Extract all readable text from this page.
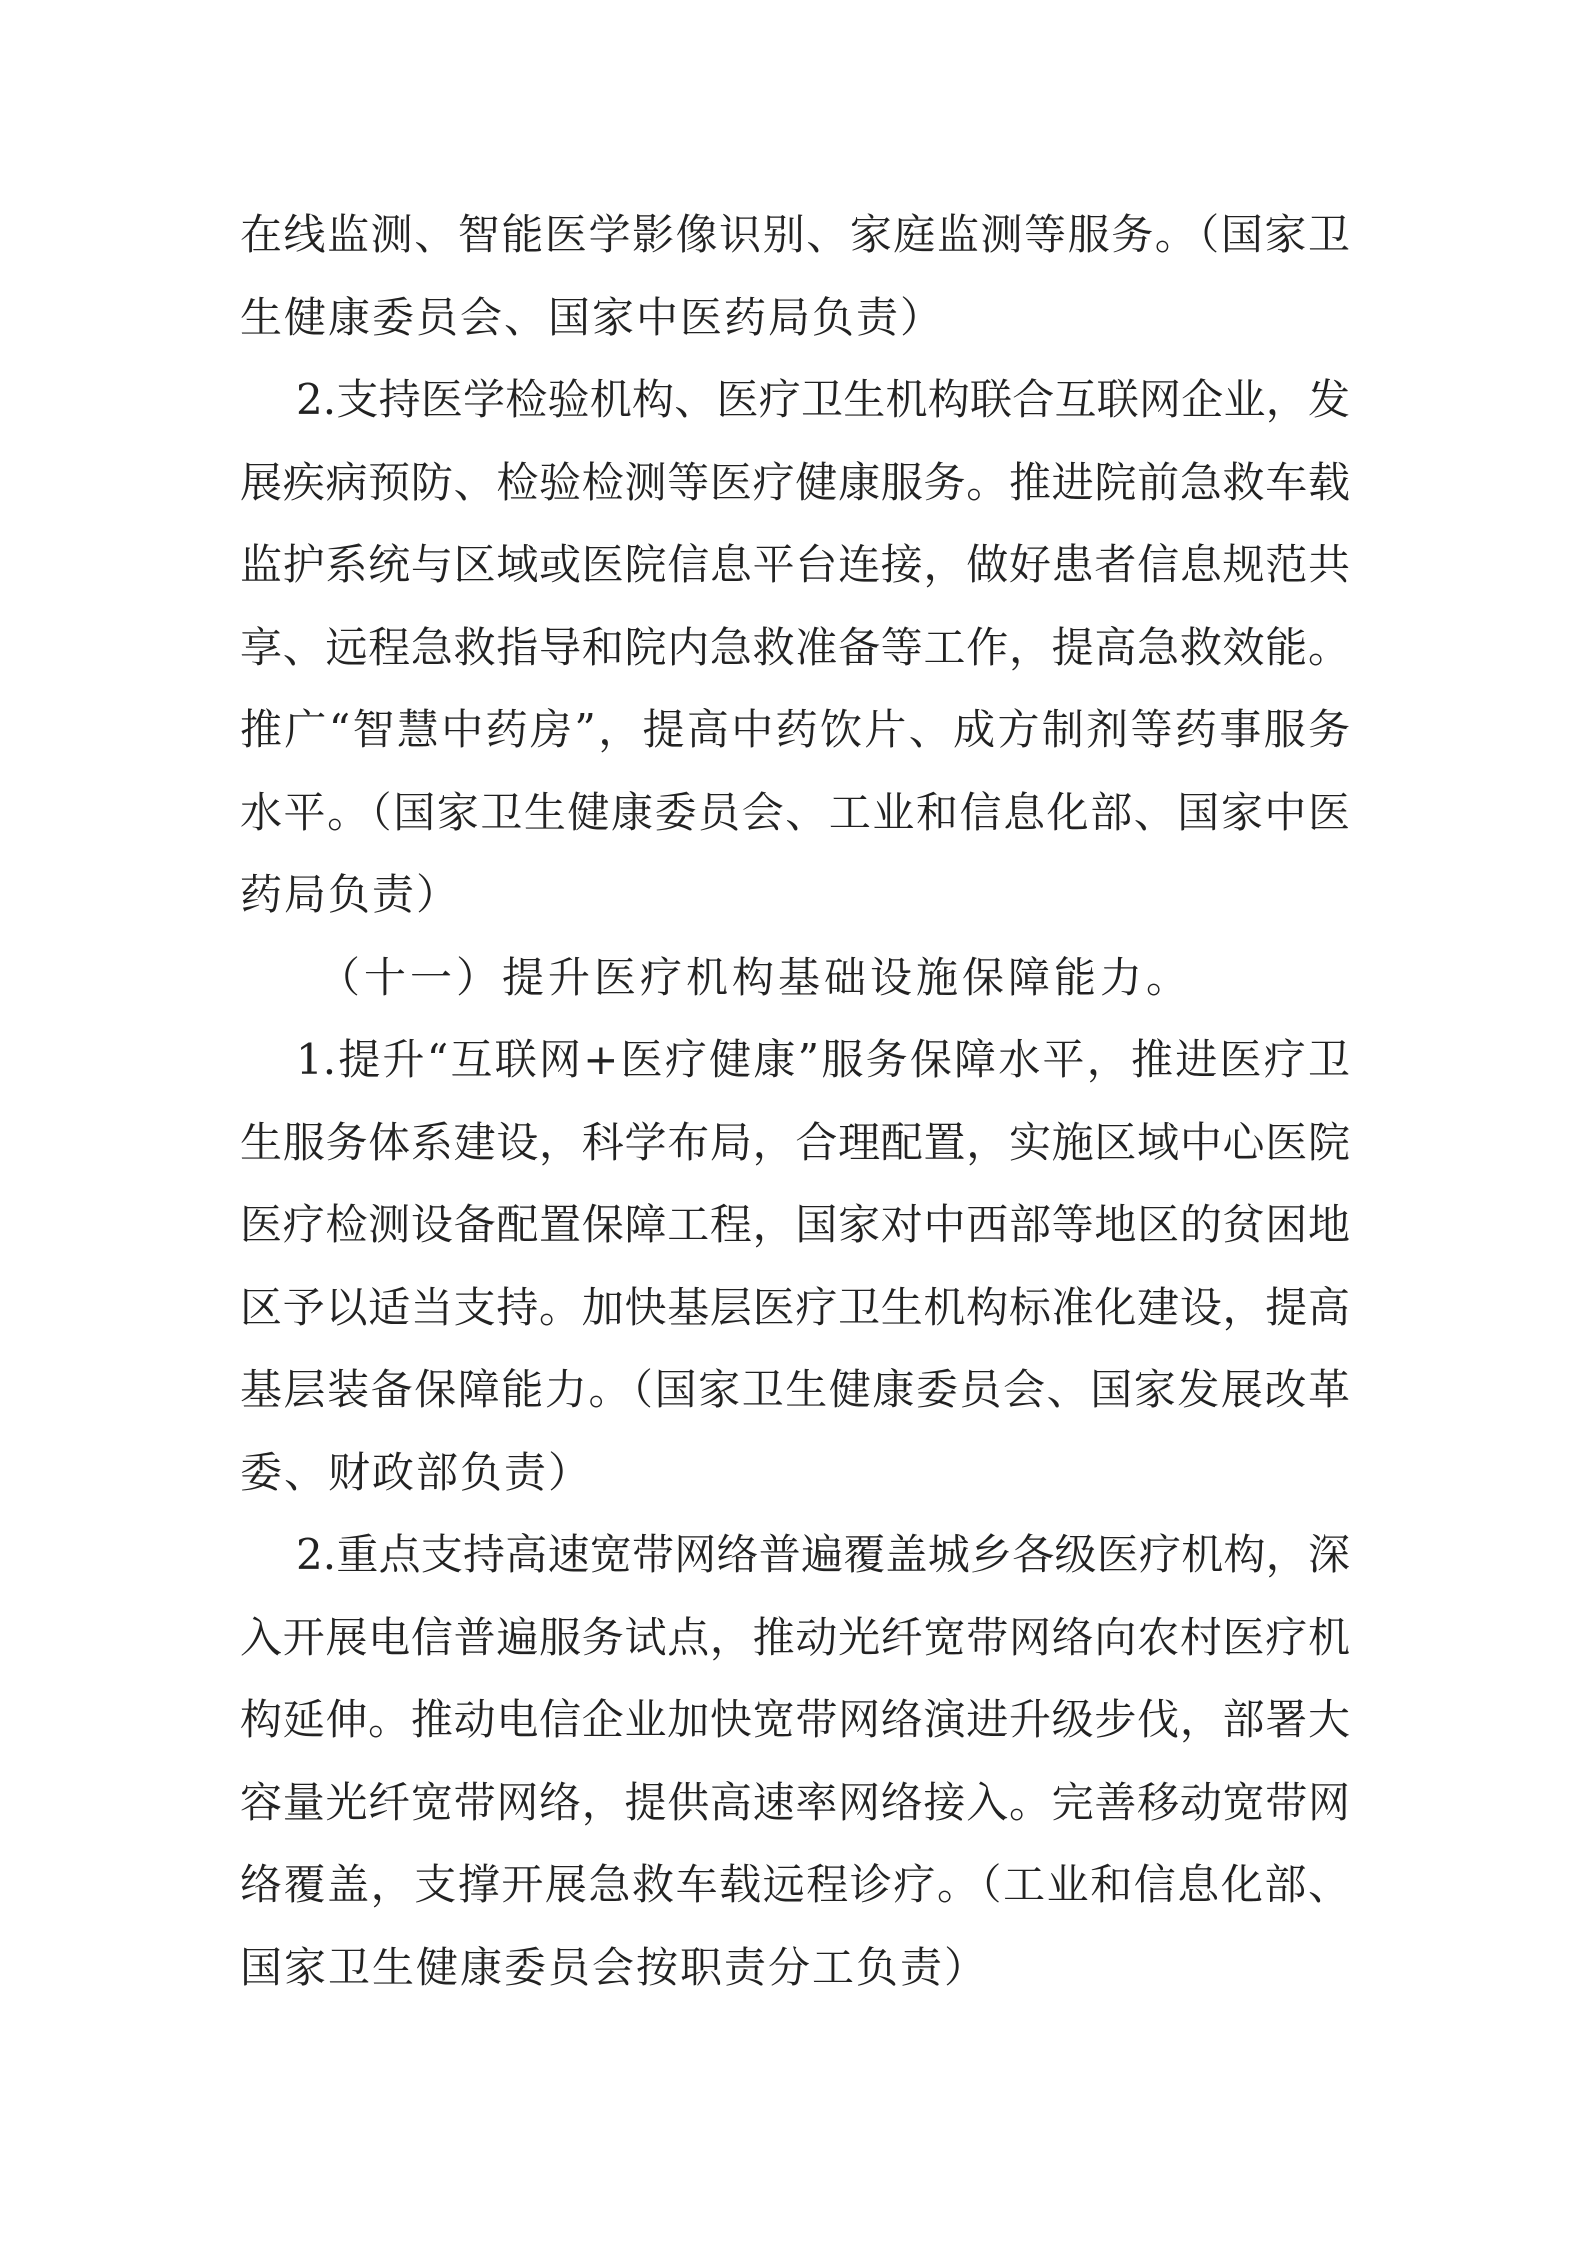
在线监测、智能医学影像识别、家庭监测等服务。（国家卫
生健康委员会、国家中医药局负责）
2.支持医学检验机构、医疗卫生机构联合互联网企业，发
展疾病预防、检验检测等医疗健康服务。推进院前急救车载
监护系统与区域或医院信息平台连接，做好患者信息规范共
享、远程急救指导和院内急救准备等工作，提高急救效能。
推广“智慧中药房”，提高中药饮片、成方制剂等药事服务
水平。（国家卫生健康委员会、工业和信息化部、国家中医
药局负责）
（十一）提升医疗机构基础设施保障能力。
1.提升“互联网+医疗健康”服务保障水平，推进医疗卫
生服务体系建设，科学布局，合理配置，实施区域中心医院
医疗检测设备配置保障工程，国家对中西部等地区的贫困地
区予以适当支持。加快基层医疗卫生机构标准化建设，提高
基层装备保障能力。（国家卫生健康委员会、国家发展改革
委、财政部负责）
2.重点支持高速宽带网络普遍覆盖城乡各级医疗机构，深
入开展电信普遍服务试点，推动光纤宽带网络向农村医疗机
构延伸。推动电信企业加快宽带网络演进升级步伐，部署大
容量光纤宽带网络，提供高速率网络接入。完善移动宽带网
络覆盖，支撑开展急救车载远程诊疗。（工业和信息化部、
国家卫生健康委员会按职责分工负责）
